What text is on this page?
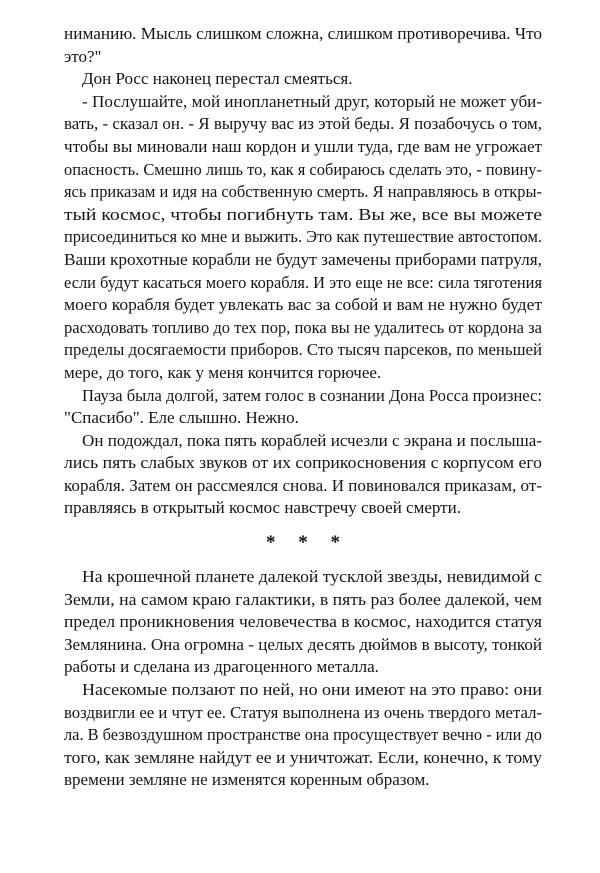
ниманию. Мысль слишком сложна, слишком противоречива. Что
это?"
Дон Росс наконец перестал смеяться.
- Послушайте, мой инопланетный друг, который не может уби-
вать, - сказал он. - Я выручу вас из этой беды. Я позабочусь о том,
чтобы вы миновали наш кордон и ушли туда, где вам не угрожает
опасность. Смешно лишь то, как я собираюсь сделать это, - повину-
ясь приказам и идя на собственную смерть. Я направляюсь в откры-
тый космос, чтобы погибнуть там. Вы же, все вы можете
присоединиться ко мне и выжить. Это как путешествие автостопом.
Ваши крохотные корабли не будут замечены приборами патруля,
если будут касаться моего корабля. И это еще не все: сила тяготения
моего корабля будет увлекать вас за собой и вам не нужно будет
расходовать топливо до тех пор, пока вы не удалитесь от кордона за
пределы досягаемости приборов. Сто тысяч парсеков, по меньшей
мере, до того, как у меня кончится горючее.
Пауза была долгой, затем голос в сознании Дона Росса произнес:
"Спасибо". Еле слышно. Нежно.
Он подождал, пока пять кораблей исчезли с экрана и послыша-
лись пять слабых звуков от их соприкосновения с корпусом его
корабля. Затем он рассмеялся снова. И повиновался приказам, от-
правляясь в открытый космос навстречу своей смерти.
* * *
На крошечной планете далекой тусклой звезды, невидимой с
Земли, на самом краю галактики, в пять раз более далекой, чем
предел проникновения человечества в космос, находится статуя
Землянина. Она огромна - целых десять дюймов в высоту, тонкой
работы и сделана из драгоценного металла.
Насекомые ползают по ней, но они имеют на это право: они
воздвигли ее и чтут ее. Статуя выполнена из очень твердого метал-
ла. В безвоздушном пространстве она просуществует вечно - или до
того, как земляне найдут ее и уничтожат. Если, конечно, к тому
времени земляне не изменятся коренным образом.
